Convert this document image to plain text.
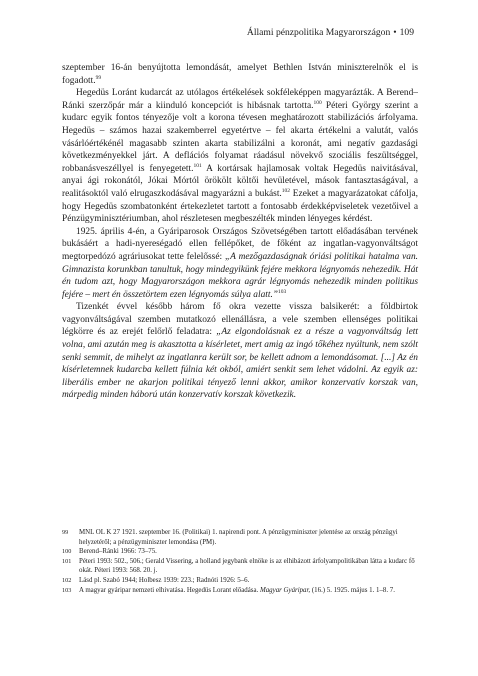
Állami pénzpolitika Magyarországon • 109

szeptember 16-án benyújtotta lemondását, amelyet Bethlen István miniszterelnök el is fogadott.$^{99}$

Hegedüs Loránt kudarcát az utólagos értékelések sokféleképpen magyarázták. A Berend–Ránki szerzőpár már a kiinduló koncepciót is hibásnak tartotta.$^{100}$ Péteri György szerint a kudarc egyik fontos tényezője volt a korona tévesen meghatározott stabilizációs árfolyama. Hegedüs – számos hazai szakemberrel egyetértve – fel akarta értékelni a valutát, valós vásárlóértékénél magasabb szinten akarta stabilizálni a koronát, ami negatív gazdasági következményekkel járt. A deflációs folyamat ráadásul növekvő szociális feszültséggel, robbanásveszéllyel is fenyegetett.$^{101}$ A kortársak hajlamosak voltak Hegedüs naivitásával, anyai ági rokonától, Jókai Mórtól örökölt költői hevületével, mások fantasztaságával, a realitásoktól való elrugaszkodásával magyarázni a bukást.$^{102}$ Ezeket a magyarázatokat cáfolja, hogy Hegedüs szombatonként értekezletet tartott a fontosabb érdekképviseletek vezetőivel a Pénzügyminisztériumban, ahol részletesen megbeszélték minden lényeges kérdést.

1925. április 4-én, a Gyáriparosok Országos Szövetségében tartott előadásában tervének bukásáért a hadi-nyereségadó ellen fellépőket, de főként az ingatlan-vagyonváltságot megtorpedózó agráriusokat tette felelőssé: „A mezőgazdaságnak óriási politikai hatalma van. Gimnazista korunkban tanultuk, hogy mindegyikünk fejére mekkora légnyomás nehezedik. Hát én tudom azt, hogy Magyarországon mekkora agrár légnyomás nehezedik minden politikus fejére – mert én összetörtem ezen légnyomás súlya alatt.”$^{103}$

Tizenkét évvel később három fő okra vezette vissza balsikerét: a földbirtok vagyonváltságával szemben mutatkozó ellenállásra, a vele szemben ellenséges politikai légkörre és az erejét felőrlő feladatra: „Az elgondolásnak ez a része a vagyonváltság lett volna, ami azután meg is akasztotta a kísérletet, mert amig az ingó tőkéhez nyúltunk, nem szólt senki semmit, de mihelyt az ingatlanra került sor, be kellett adnom a lemondásomat. [...] Az én kísérletemnek kudarcba kellett fúlnia két okból, amiért senkit sem lehet vádolni. Az egyik az: liberális ember ne akarjon politikai tényező lenni akkor, amikor konzervatív korszak van, márpedig minden háború után konzervatív korszak következik.

99	MNL OL K 27 1921. szeptember 16. (Politikai) 1. napirendi pont. A pénzügyminiszter jelentése az ország pénzügyi helyzetéről; a pénzügyminiszter lemondása (PM).
100	Berend–Ránki 1966: 73–75.
101	Péteri 1993: 502., 506.; Gerald Vissering, a holland jegybank elnöke is az elhibázott árfolyampolitikában látta a kudarc fő okát. Péteri 1993: 568. 20. j.
102	Lásd pl. Szabó 1944; Holbesz 1939: 223.; Radnóti 1926: 5–6.
103	A magyar gyáripar nemzeti elhivatása. Hegedüs Lorant előadása. Magyar Gyáripar, (16.) 5. 1925. május 1. 1–8. 7.
